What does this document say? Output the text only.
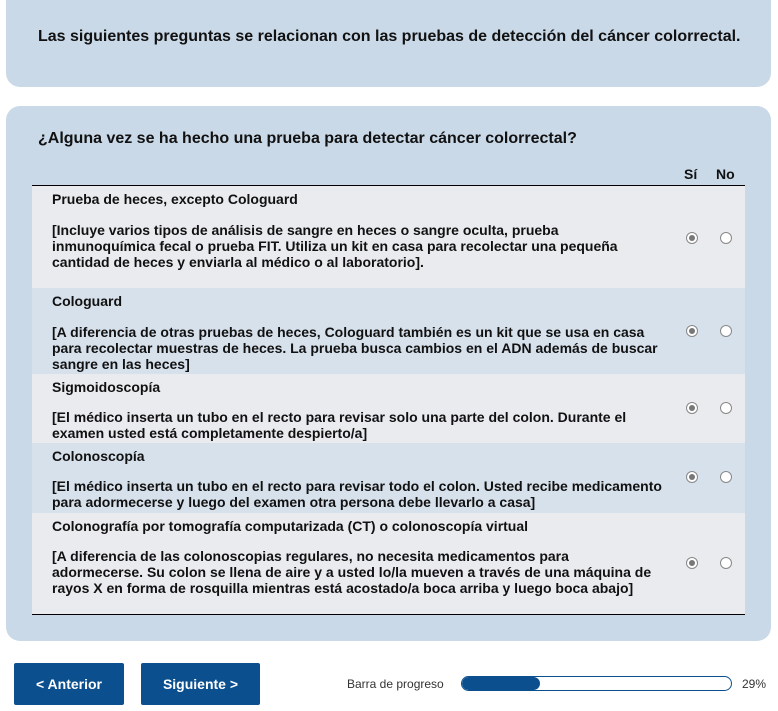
Las siguientes preguntas se relacionan con las pruebas de detección del cáncer colorrectal.
¿Alguna vez se ha hecho una prueba para detectar cáncer colorrectal?
Sí No
Prueba de heces, excepto Cologuard
[Incluye varios tipos de análisis de sangre en heces o sangre oculta, prueba inmunoquímica fecal o prueba FIT. Utiliza un kit en casa para recolectar una pequeña cantidad de heces y enviarla al médico o al laboratorio].
Cologuard
[A diferencia de otras pruebas de heces, Cologuard también es un kit que se usa en casa para recolectar muestras de heces. La prueba busca cambios en el ADN además de buscar sangre en las heces]
Sigmoidoscopía
[El médico inserta un tubo en el recto para revisar solo una parte del colon. Durante el examen usted está completamente despierto/a]
Colonoscopía
[El médico inserta un tubo en el recto para revisar todo el colon. Usted recibe medicamento para adormecerse y luego del examen otra persona debe llevarlo a casa]
Colonografía por tomografía computarizada (CT) o colonoscopía virtual
[A diferencia de las colonoscopias regulares, no necesita medicamentos para adormecerse. Su colon se llena de aire y a usted lo/la mueven a través de una máquina de rayos X en forma de rosquilla mientras está acostado/a boca arriba y luego boca abajo]
< Anterior	Siguiente >	Barra de progreso	29%
